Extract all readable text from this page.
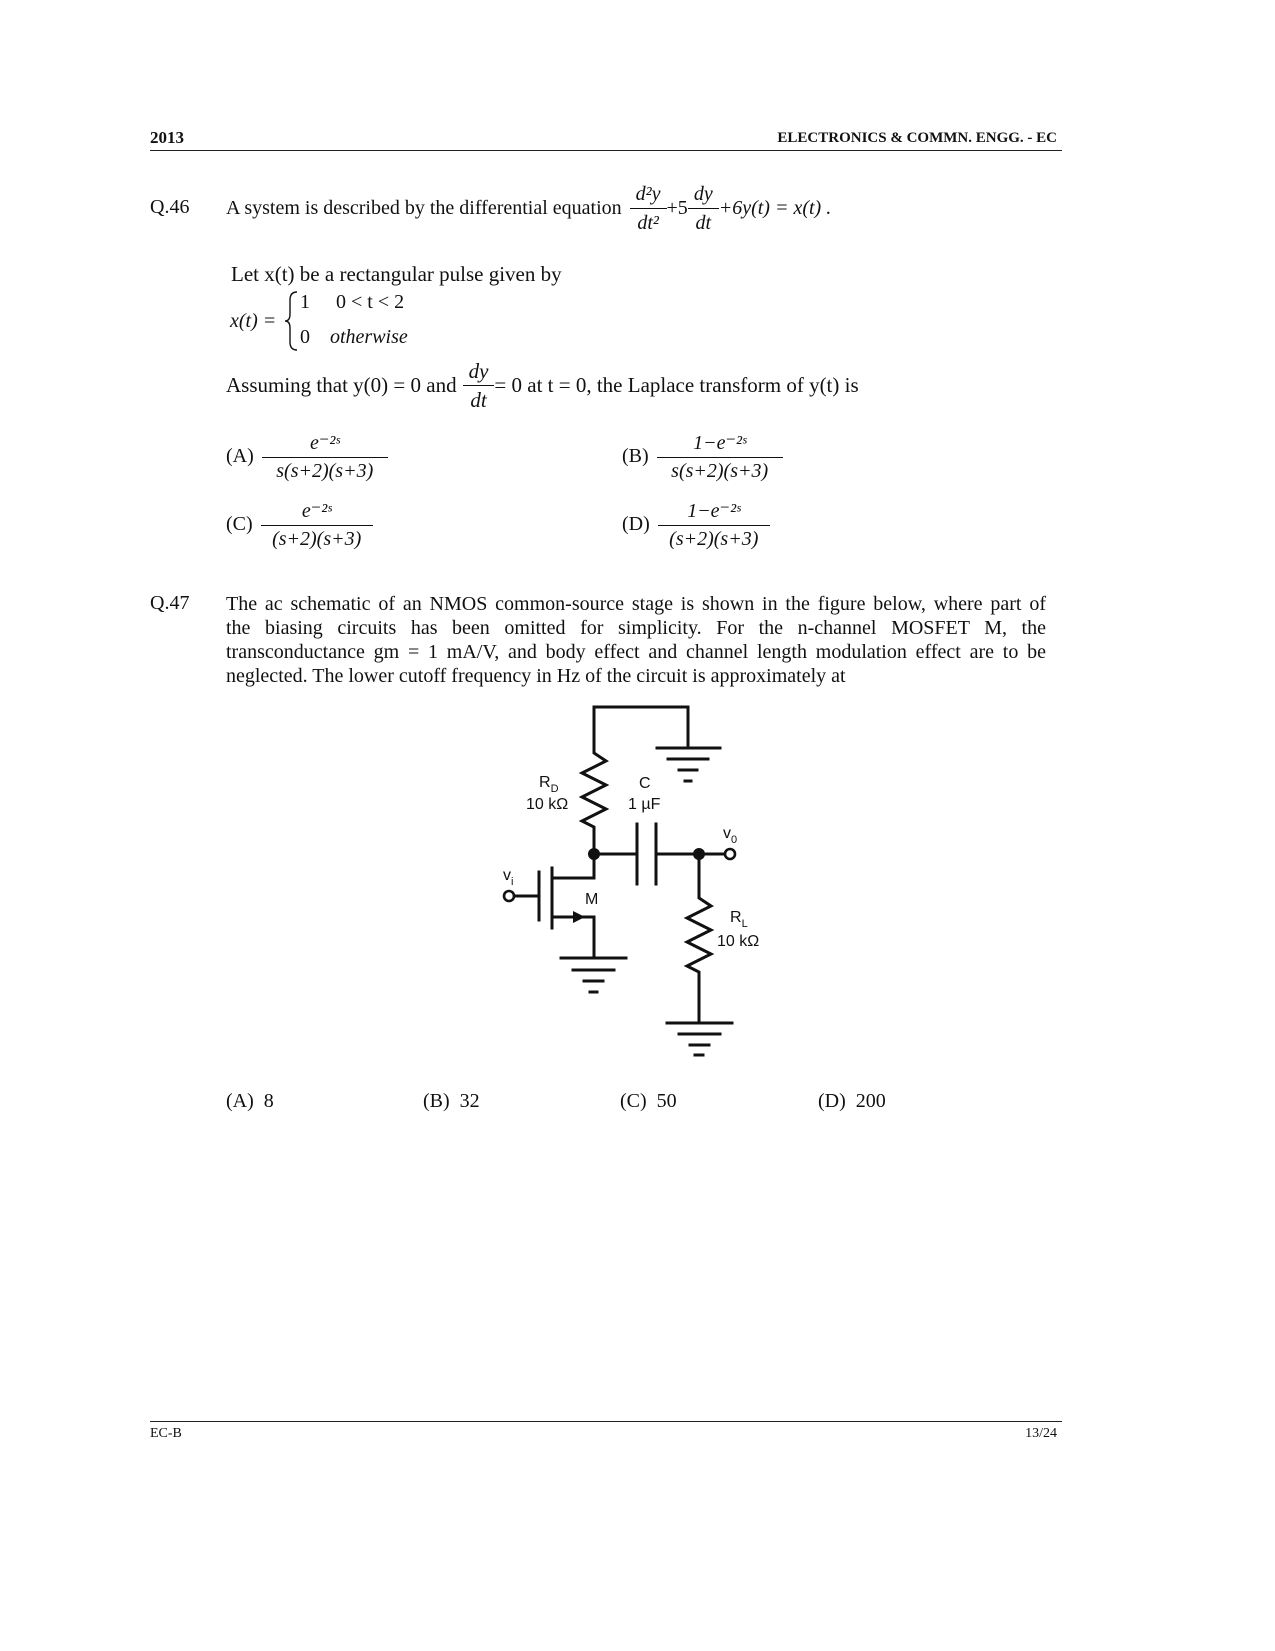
2013	ELECTRONICS & COMMN. ENGG. - EC
Q.46 A system is described by the differential equation $\frac{\text{d²y}}{\text{dt²}} +5 \frac{dy}{dt} +6y(t) = x(t)$ .
Let x(t) be a rectangular pulse given by
x(t) =
1 0 < t < 2
0 otherwise
Assuming that y(0) = 0 and $\frac{dy}{dt} = 0$ at t = 0, the Laplace transform of y(t) is
$(A) \frac{\text{e⁻²ˢ}}{s(s+2)(s+3)}$	$(B) \frac{\text{1−e⁻²ˢ}}{s(s+2)(s+3)}$
$(C) \frac{\text{e⁻²ˢ}}{(s+2)(s+3)}$	$(D) \frac{\text{1−e⁻²ˢ}}{(s+2)(s+3)}$
Q.47 The ac schematic of an NMOS common-source stage is shown in the figure below, where part of
the biasing circuits has been omitted for simplicity. For the n-channel MOSFET M, the
transconductance gm = 1 mA/V, and body effect and channel length modulation effect are to be
neglected. The lower cutoff frequency in Hz of the circuit is approximately at
$R_D$
10 kΩ
C
1 µF
$v_0$
$v_i$
M
$R_L$
10 kΩ
(A) 8	(B) 32	(C) 50	(D) 200
EC-B	13/24
